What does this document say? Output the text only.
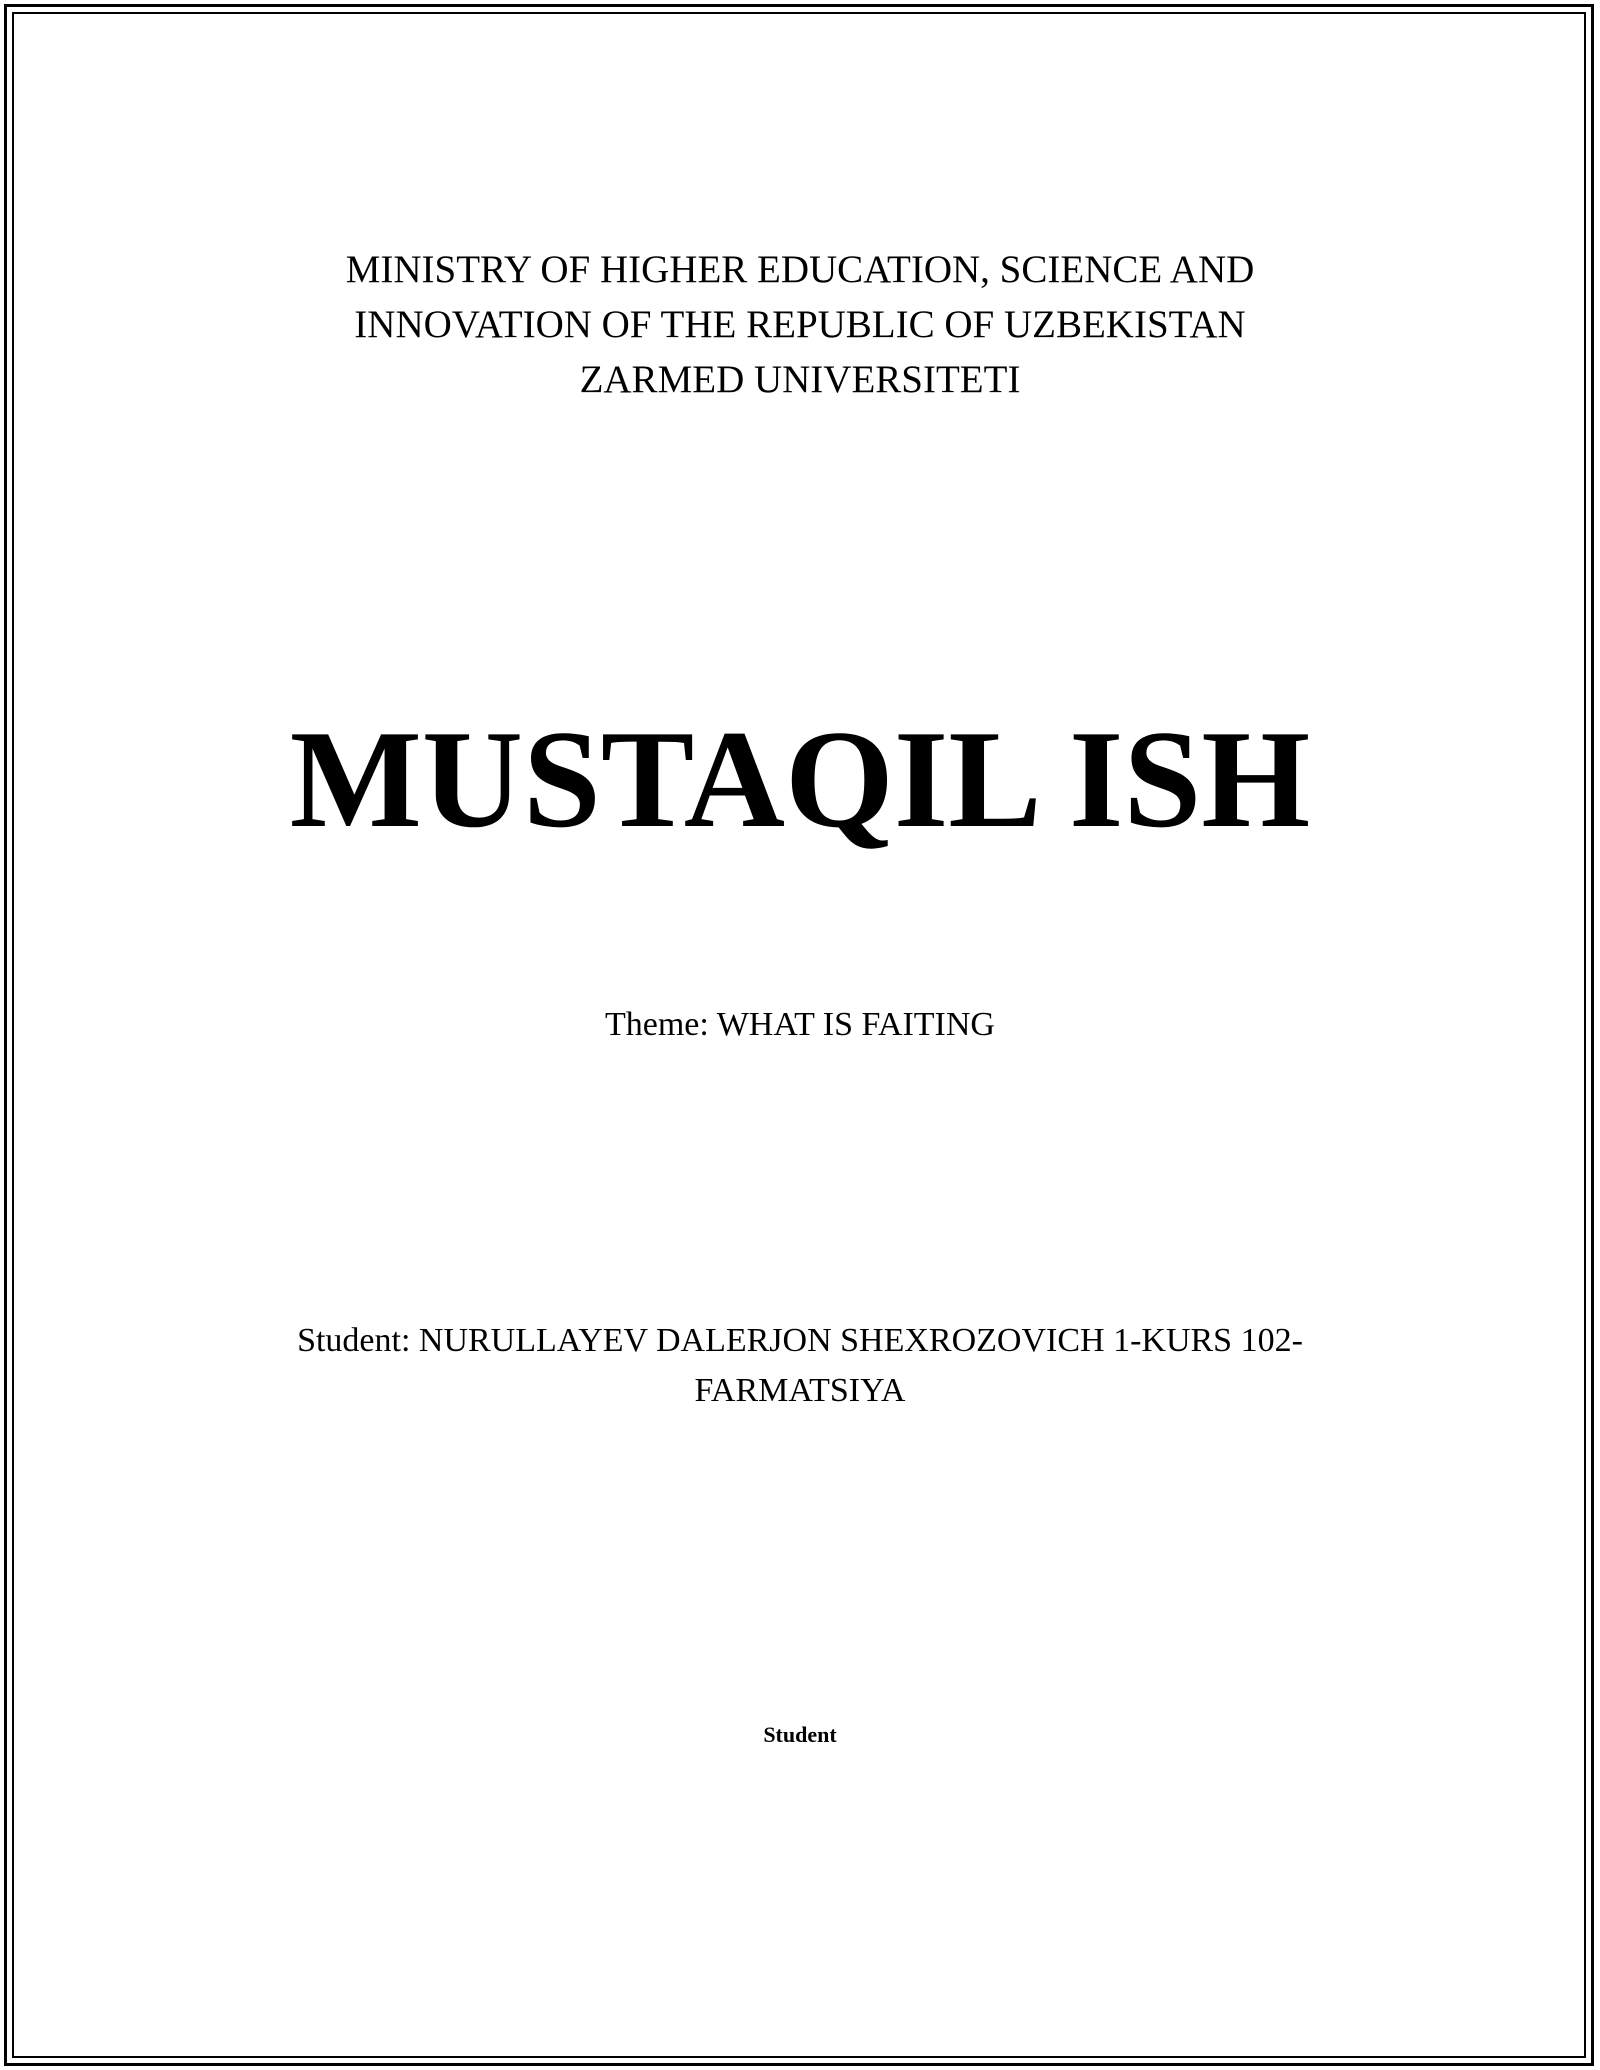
MINISTRY OF HIGHER EDUCATION, SCIENCE AND
INNOVATION OF THE REPUBLIC OF UZBEKISTAN
ZARMED UNIVERSITETI
MUSTAQIL ISH
Theme: WHAT IS FAITING
Student: NURULLAYEV DALERJON SHEXROZOVICH 1-KURS 102-
FARMATSIYA
Student
